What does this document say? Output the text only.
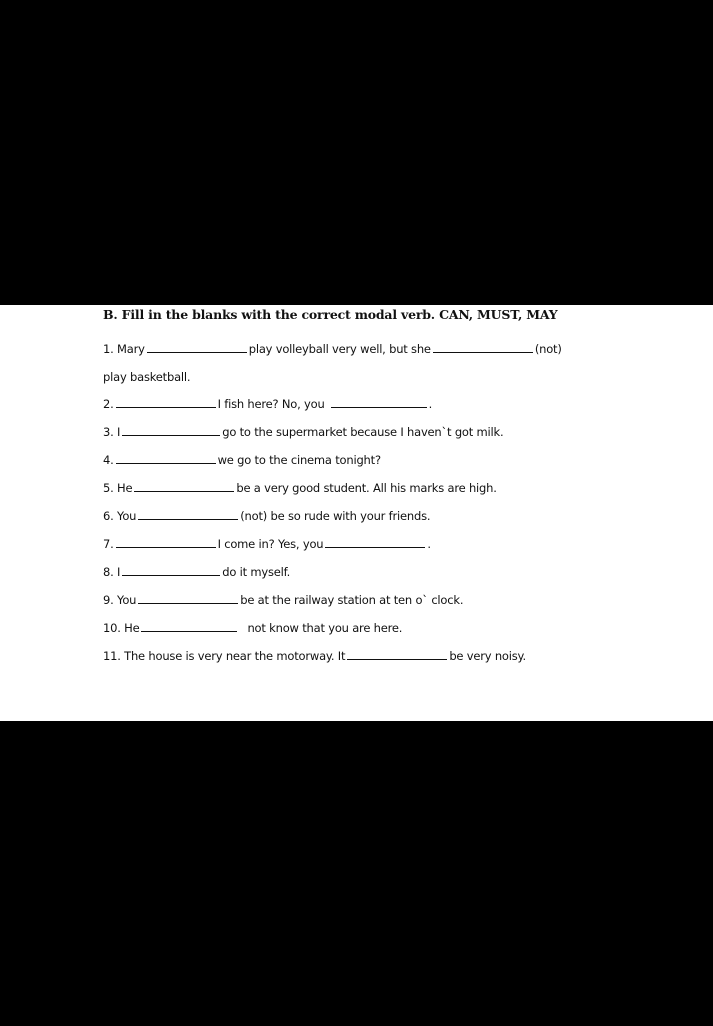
B. Fill in the blanks with the correct modal verb. CAN, MUST, MAY
1. Mary	play volleyball very well, but she	(not)
play basketball.
2.	I fish here? No, you	.
3. I	go to the supermarket because I haven`t got milk.
4.	we go to the cinema tonight?
5. He	be a very good student. All his marks are high.
6. You	(not) be so rude with your friends.
7.	I come in? Yes, you	.
8. I	do it myself.
9. You	be at the railway station at ten o` clock.
10. He	not know that you are here.
11. The house is very near the motorway. It	be very noisy.
